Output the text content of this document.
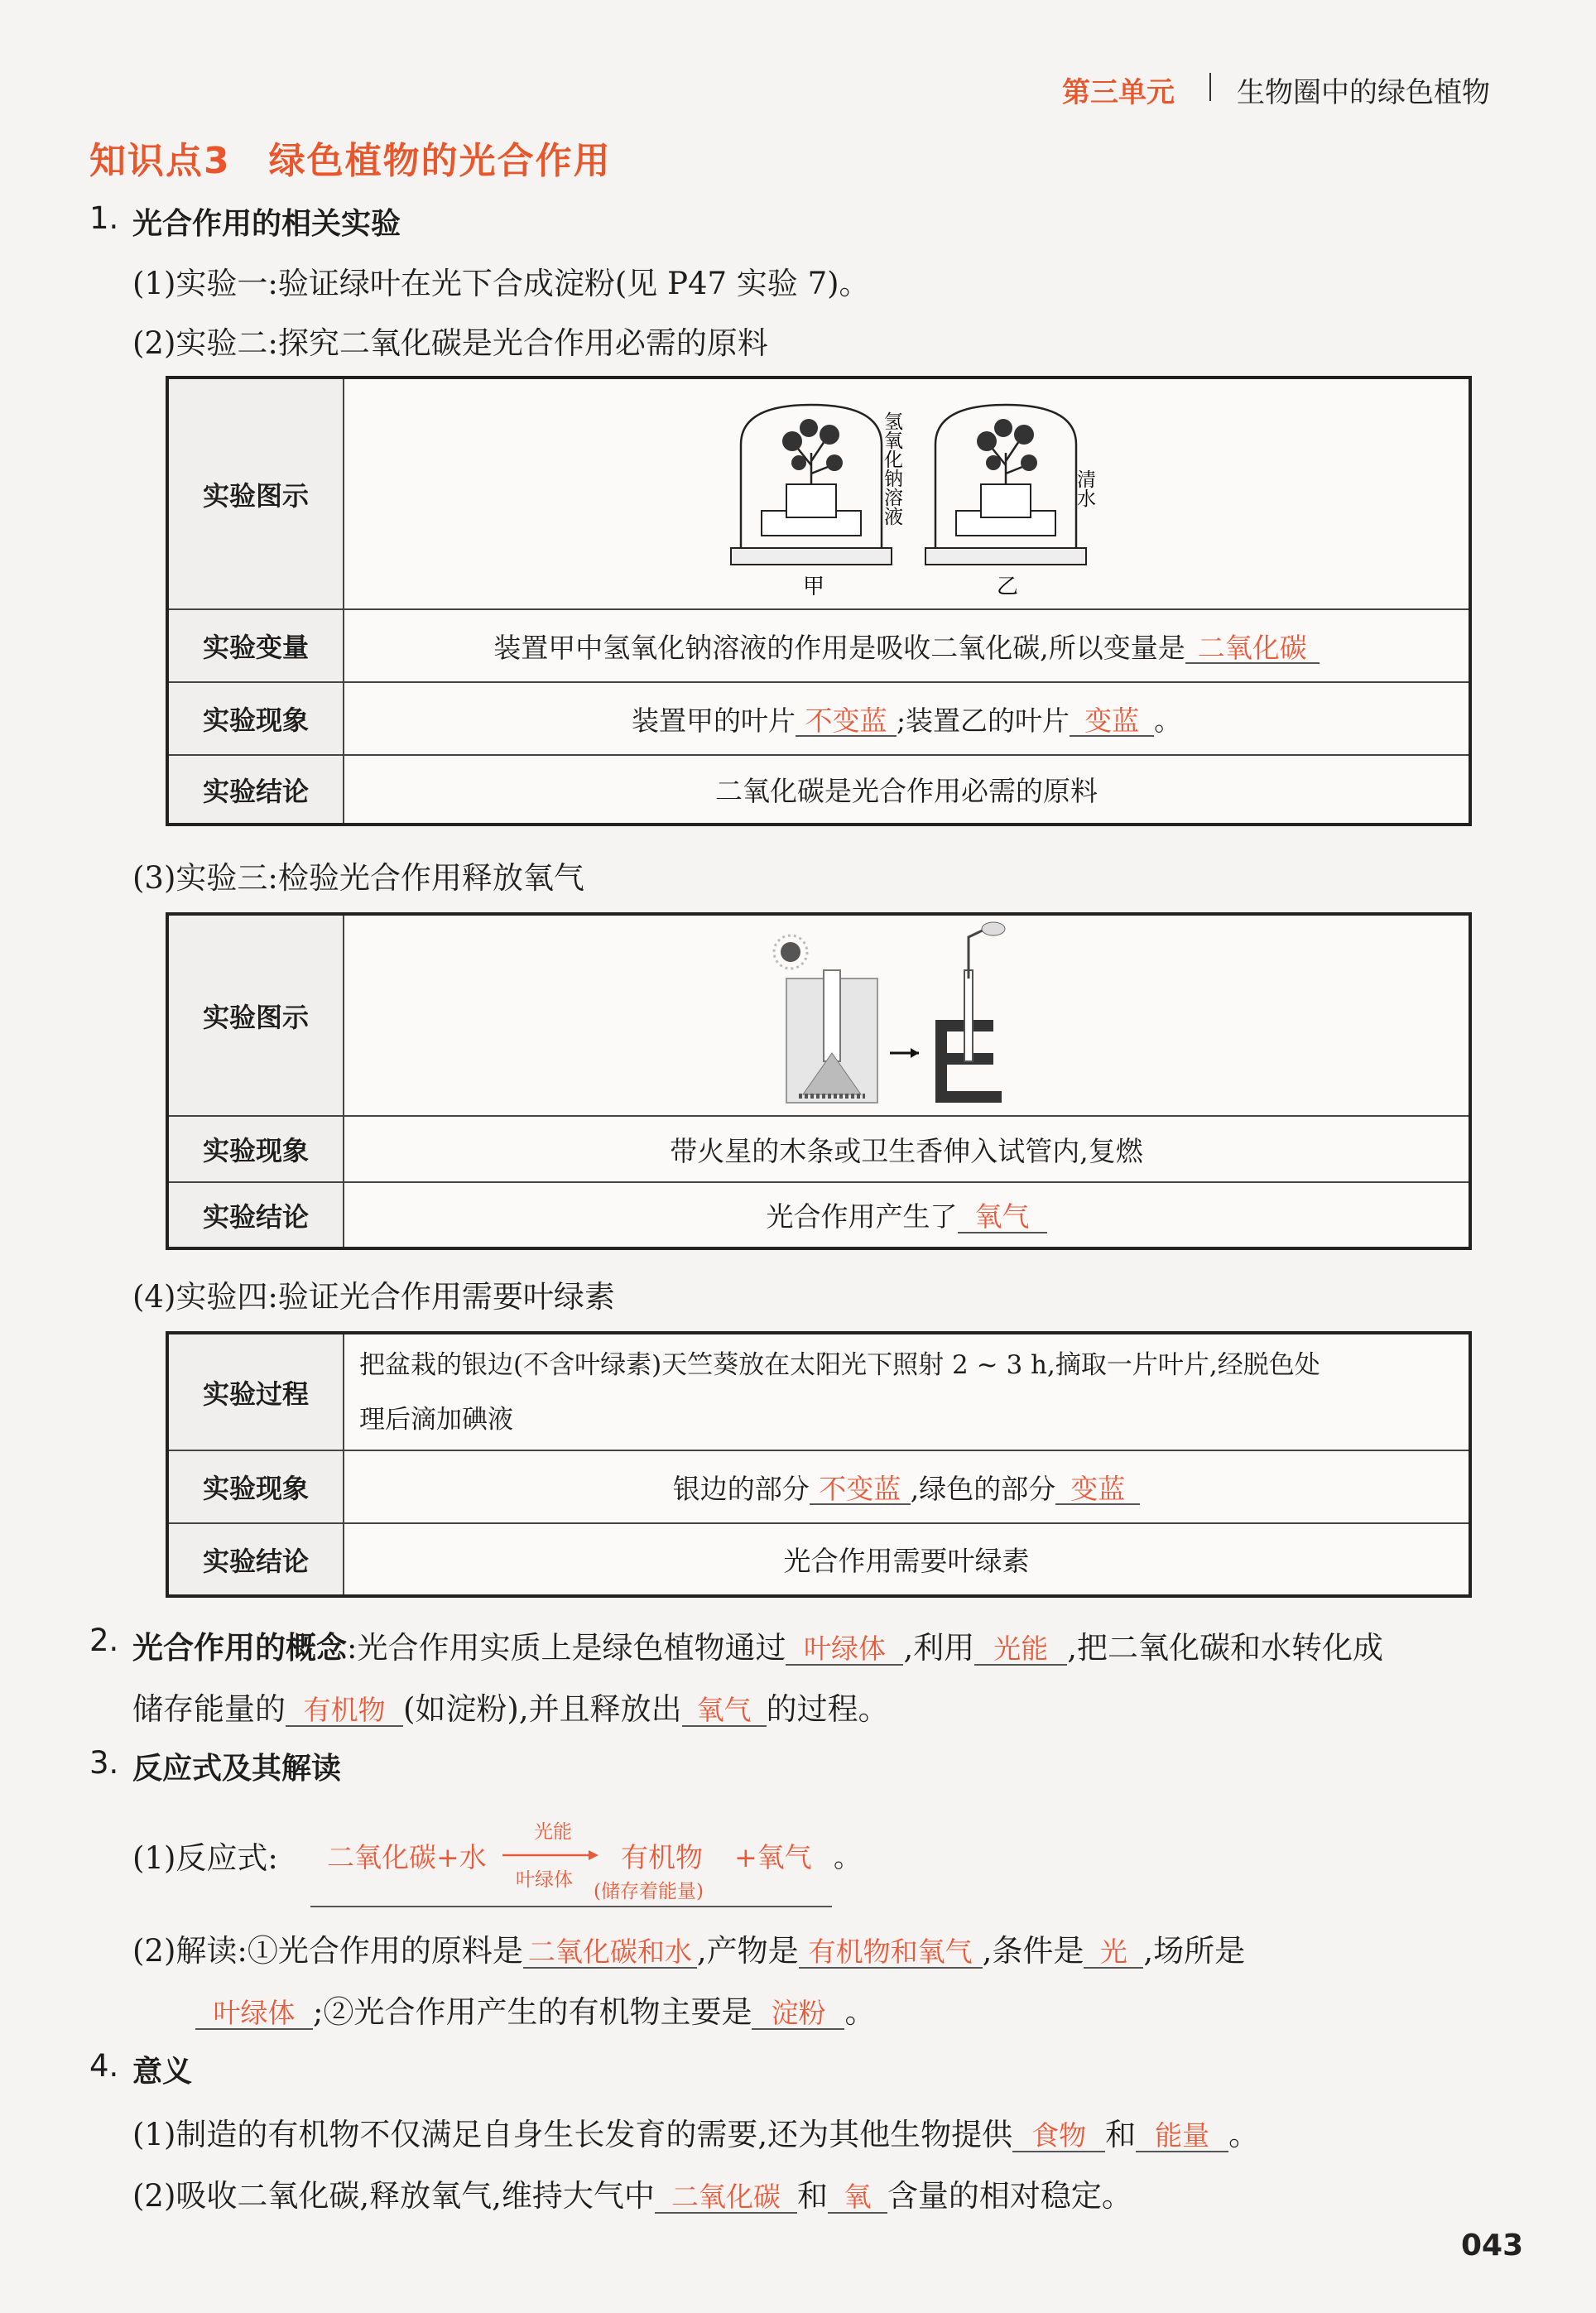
第三单元 生物圈中的绿色植物
知识点3　绿色植物的光合作用
1. 光合作用的相关实验
(1)实验一:验证绿叶在光下合成淀粉(见 P47 实验 7)。
(2)实验二:探究二氧化碳是光合作用必需的原料
实验图示	甲 乙
氢氧化钠溶液 清水

实验变量	装置甲中氢氧化钠溶液的作用是吸收二氧化碳,所以变量是 二氧化碳
实验现象	装置甲的叶片 不变蓝 ;装置乙的叶片 变蓝 。
实验结论	二氧化碳是光合作用必需的原料
(3)实验三:检验光合作用释放氧气
实验图示	

实验现象	带火星的木条或卫生香伸入试管内,复燃
实验结论	光合作用产生了 氧气
(4)实验四:验证光合作用需要叶绿素
实验过程	把盆栽的银边(不含叶绿素)天竺葵放在太阳光下照射 2 ~ 3 h,摘取一片叶片,经脱色处
理后滴加碘液

实验现象	银边的部分 不变蓝 ,绿色的部分 变蓝
实验结论	光合作用需要叶绿素
2. 光合作用的概念:光合作用实质上是绿色植物通过 叶绿体 ,利用 光能 ,把二氧化碳和水转化成
储存能量的 有机物 (如淀粉),并且释放出 氧气 的过程。
3. 反应式及其解读
(1)反应式: 二氧化碳+水
光能
叶绿体
有机物
(储存着能量)
+氧气 。
(2)解读:①光合作用的原料是 二氧化碳和水 ,产物是 有机物和氧气 ,条件是 光 ,场所是
叶绿体 ;②光合作用产生的有机物主要是 淀粉 。
4. 意义
(1)制造的有机物不仅满足自身生长发育的需要,还为其他生物提供 食物 和 能量 。
(2)吸收二氧化碳,释放氧气,维持大气中 二氧化碳 和 氧 含量的相对稳定。
043
